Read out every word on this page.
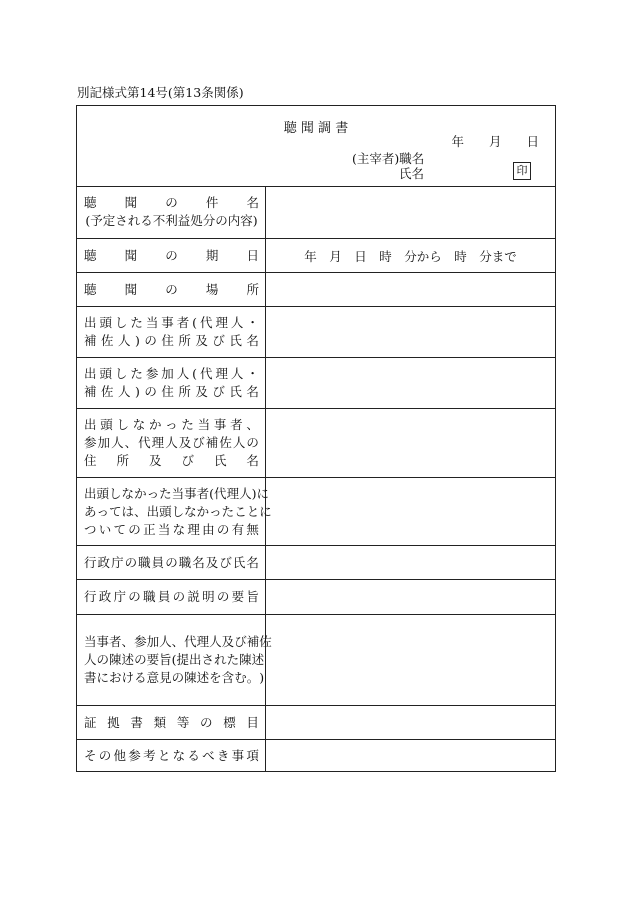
別記様式第14号(第13条関係)
聴 聞 調 書
年　　月　　日
(主宰者)職名
氏名	印
聴 聞 の 件 名
(予定される不利益処分の内容)
聴 聞 の 期 日	年　月　日　時　分から　時　分まで
聴 聞 の 場 所
出 頭 し た 当 事 者 ( 代 理 人 ・
補 佐 人 ) の 住 所 及 び 氏 名
出 頭 し た 参 加 人 ( 代 理 人 ・
補 佐 人 ) の 住 所 及 び 氏 名
出 頭 し な か っ た 当 事 者 、
参 加 人 、 代 理 人 及 び 補 佐 人 の
住 所 及 び 氏 名
出 頭 し な か っ た 当 事 者 ( 代 理 人 ) に
あ っ て は 、 出 頭 し な か っ た こ と に
つ い て の 正 当 な 理 由 の 有 無
行 政 庁 の 職 員 の 職 名 及 び 氏 名
行 政 庁 の 職 員 の 説 明 の 要 旨
当 事 者 、 参 加 人 、 代 理 人 及 び 補 佐
人 の 陳 述 の 要 旨 ( 提 出 さ れ た 陳 述
書 に お け る 意 見 の 陳 述 を 含 む 。 )
証 拠 書 類 等 の 標 目
そ の 他 参 考 と な る べ き 事 項
